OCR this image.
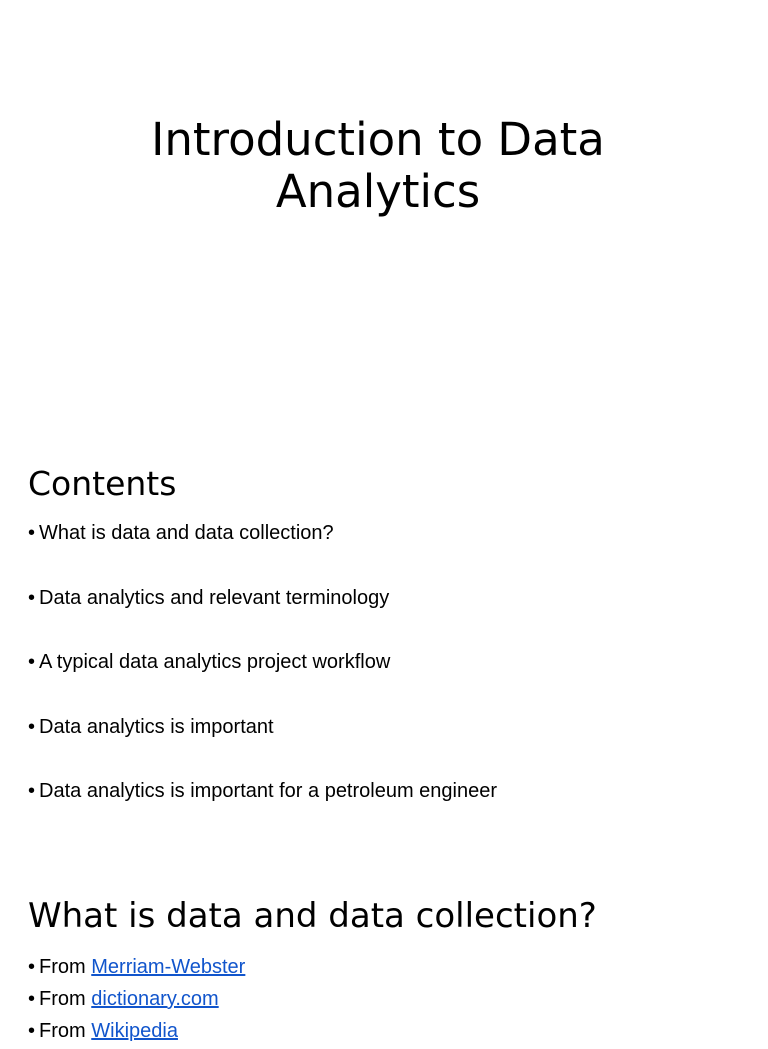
Introduction to Data
Analytics
Contents
• What is data and data collection?
• Data analytics and relevant terminology
• A typical data analytics project workflow
• Data analytics is important
• Data analytics is important for a petroleum engineer
What is data and data collection?
• From Merriam-Webster
• From dictionary.com
• From Wikipedia
